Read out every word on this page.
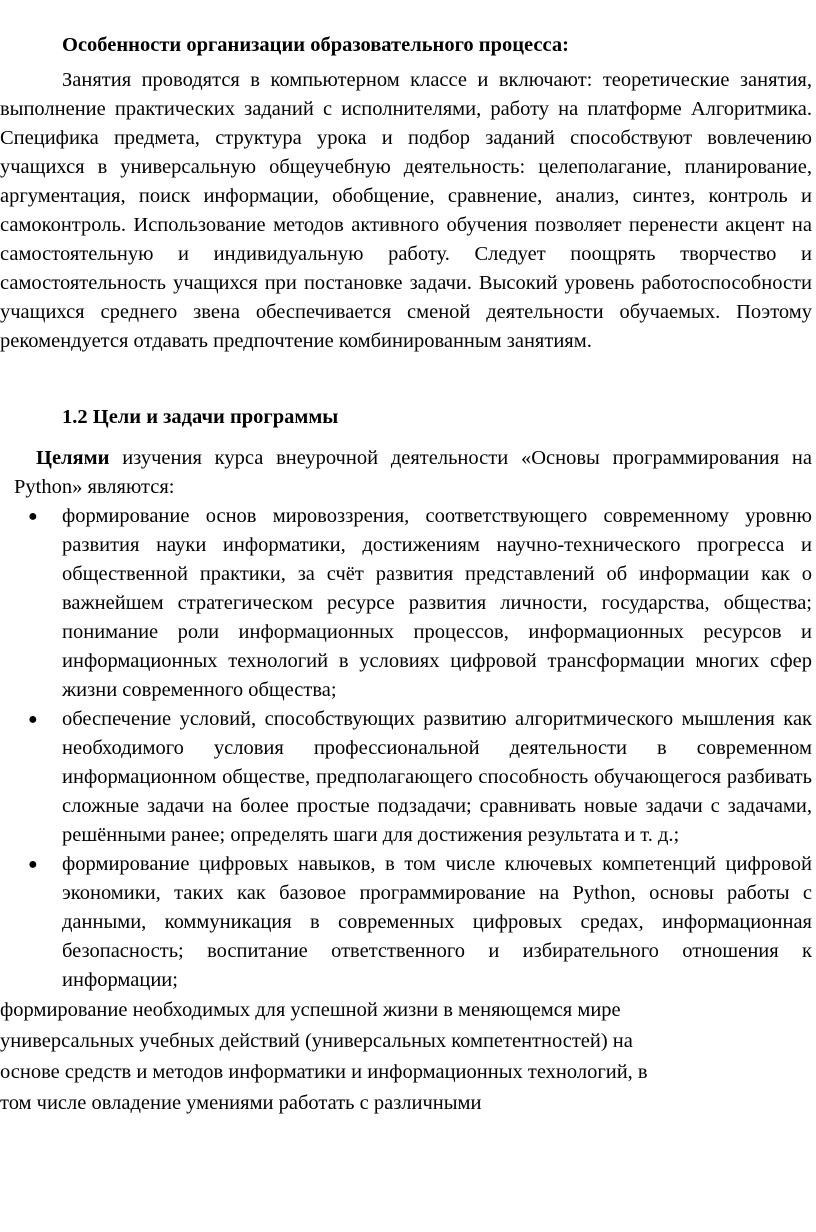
Особенности организации образовательного процесса:

Занятия проводятся в компьютерном классе и включают: теоретические занятия, выполнение практических заданий с исполнителями, работу на платформе Алгоритмика. Специфика предмета, структура урока и подбор заданий способствуют вовлечению учащихся в универсальную общеучебную деятельность: целеполагание, планирование, аргументация, поиск информации, обобщение, сравнение, анализ, синтез, контроль и самоконтроль. Использование методов активного обучения позволяет перенести акцент на самостоятельную и индивидуальную работу. Следует поощрять творчество и самостоятельность учащихся при постановке задачи. Высокий уровень работоспособности учащихся среднего звена обеспечивается сменой деятельности обучаемых. Поэтому рекомендуется отдавать предпочтение комбинированным занятиям.

1.2 Цели и задачи программы

Целями изучения курса внеурочной деятельности «Основы программирования на Python» являются:

● формирование основ мировоззрения, соответствующего современному уровню развития науки информатики, достижениям научно-технического прогресса и общественной практики, за счёт развития представлений об информации как о важнейшем стратегическом ресурсе развития личности, государства, общества; понимание роли информационных процессов, информационных ресурсов и информационных технологий в условиях цифровой трансформации многих сфер жизни современного общества;
● обеспечение условий, способствующих развитию алгоритмического мышления как необходимого условия профессиональной деятельности в современном информационном обществе, предполагающего способность обучающегося разбивать сложные задачи на более простые подзадачи; сравнивать новые задачи с задачами, решёнными ранее; определять шаги для достижения результата и т. д.;
● формирование цифровых навыков, в том числе ключевых компетенций цифровой экономики, таких как базовое программирование на Python, основы работы с данными, коммуникация в современных цифровых средах, информационная безопасность; воспитание ответственного и избирательного отношения к информации;
формирование необходимых для успешной жизни в меняющемся мире
универсальных учебных действий (универсальных компетентностей) на
основе средств и методов информатики и информационных технологий, в
том числе овладение умениями работать с различными
